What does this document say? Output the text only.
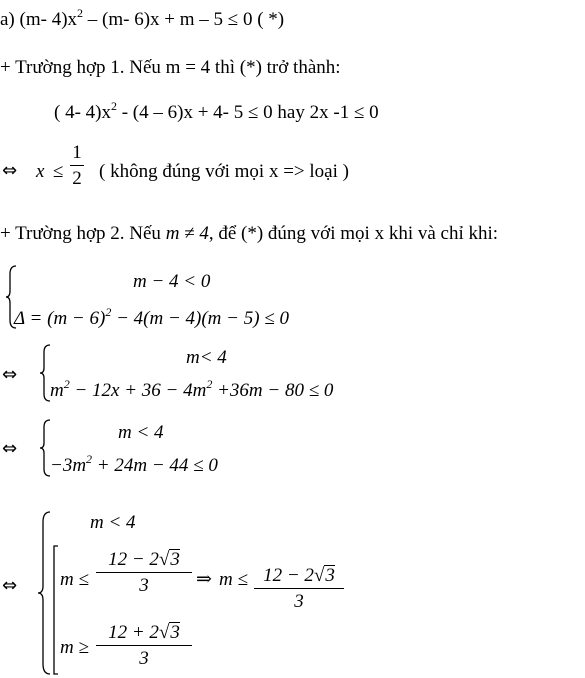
a) (m- $4)x^2 - (m-$ 6)x + m – 5 ≤ 0 ( *)
+ Trường hợp 1. Nếu m = 4 thì (*) trở thành:
( 4- $4)x^2 - (4 - 6)x + 4-$ 5 ≤ 0 hay 2x -1 ≤ 0
⇔ x ≤
1
2 ( không đúng với mọi x => loại )
+ Trường hợp 2. Nếu m ≠ 4, để (*) đúng với mọi x khi và chỉ khi:
m − 4 < 0
$\Delta = (m - 6)^2 - 4(m - 4)(m - 5) \le 0$
⇔
m< 4
$m^2 - 12x + 36 - 4m^2 +36m - 80 \le 0$
⇔
m < 4
$-3m^2 + 24m - 44 \le 0$
⇔
m < 4
m ≤
12 − 2√3
3	⇒ m ≤ 12 − 2√3
3
m ≥
12 + 2√3
3
